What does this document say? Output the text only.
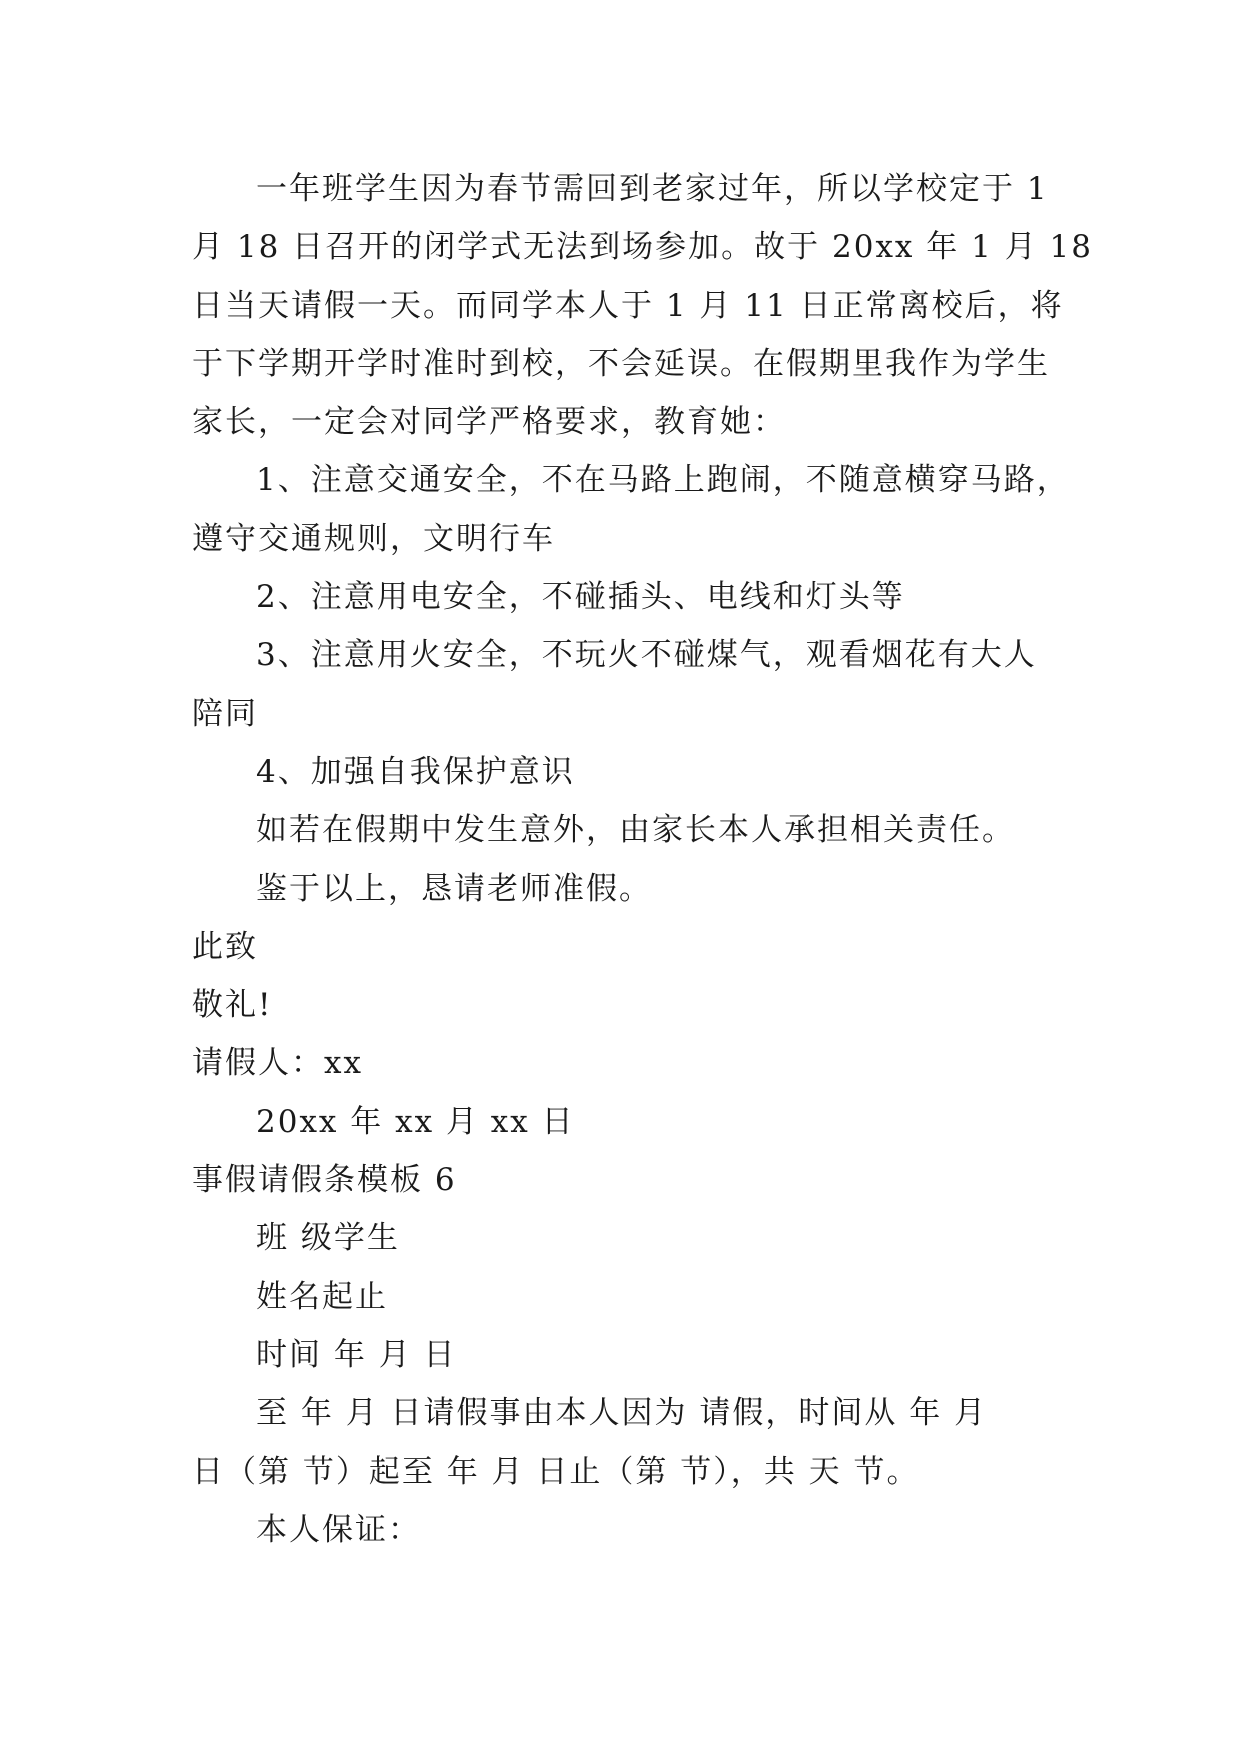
一年班学生因为春节需回到老家过年，所以学校定于 1
月 18 日召开的闭学式无法到场参加。故于 20xx 年 1 月 18
日当天请假一天。而同学本人于 1 月 11 日正常离校后，将
于下学期开学时准时到校，不会延误。在假期里我作为学生
家长，一定会对同学严格要求，教育她：
1、注意交通安全，不在马路上跑闹，不随意横穿马路，
遵守交通规则，文明行车
2、注意用电安全，不碰插头、电线和灯头等
3、注意用火安全，不玩火不碰煤气，观看烟花有大人
陪同
4、加强自我保护意识
如若在假期中发生意外，由家长本人承担相关责任。
鉴于以上，恳请老师准假。
此致
敬礼!
请假人：xx
20xx 年 xx 月 xx 日
事假请假条模板 6
班 级学生
姓名起止
时间 年 月 日
至 年 月 日请假事由本人因为 请假，时间从 年 月
日（第 节）起至 年 月 日止（第 节），共 天 节。
本人保证：
